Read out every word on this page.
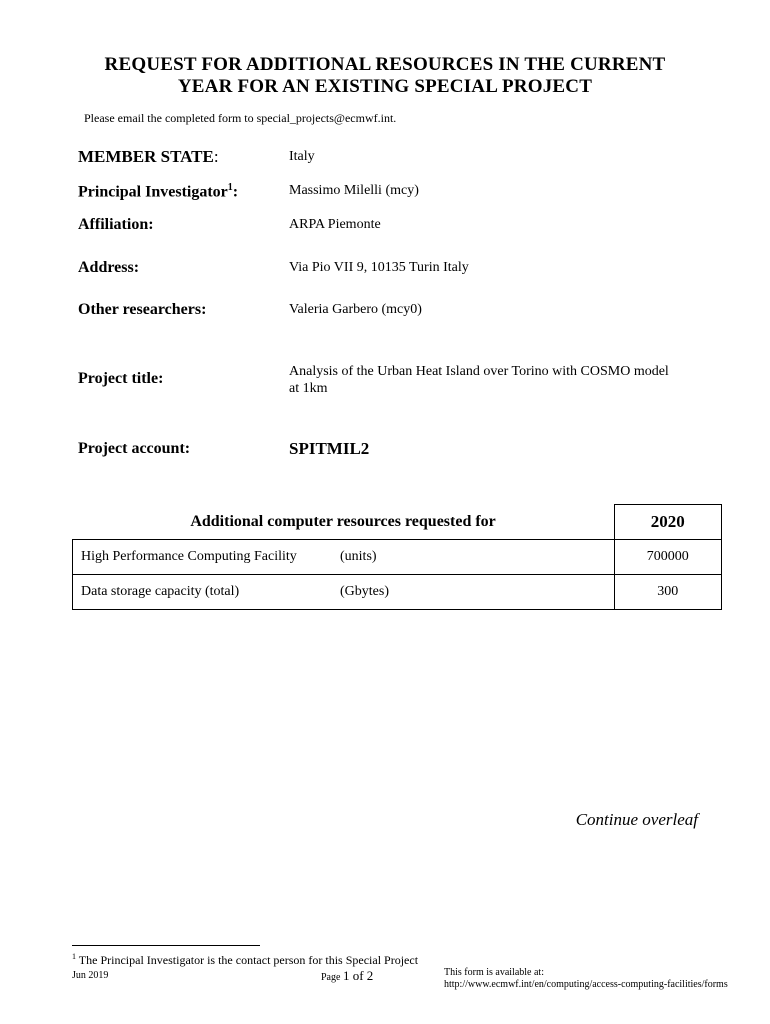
REQUEST FOR ADDITIONAL RESOURCES IN THE CURRENT
YEAR FOR AN EXISTING SPECIAL PROJECT
Please email the completed form to special_projects@ecmwf.int.
MEMBER STATE:	Italy
Principal Investigator$^1$:	Massimo Milelli (mcy)
Affiliation:	ARPA Piemonte
Address:	Via Pio VII 9, 10135 Turin Italy
Other researchers:	Valeria Garbero (mcy0)
Project title:	Analysis of the Urban Heat Island over Torino with COSMO model
at 1km
Project account:	SPITMIL2
Additional computer resources requested for		2020
High Performance Computing Facility	(units)	700000
Data storage capacity (total)	(Gbytes)	300
Continue overleaf
$^1$ The Principal Investigator is the contact person for this Special Project
Jun 2019	Page 1 of 2	This form is available at:
http://www.ecmwf.int/en/computing/access-computing-facilities/forms
